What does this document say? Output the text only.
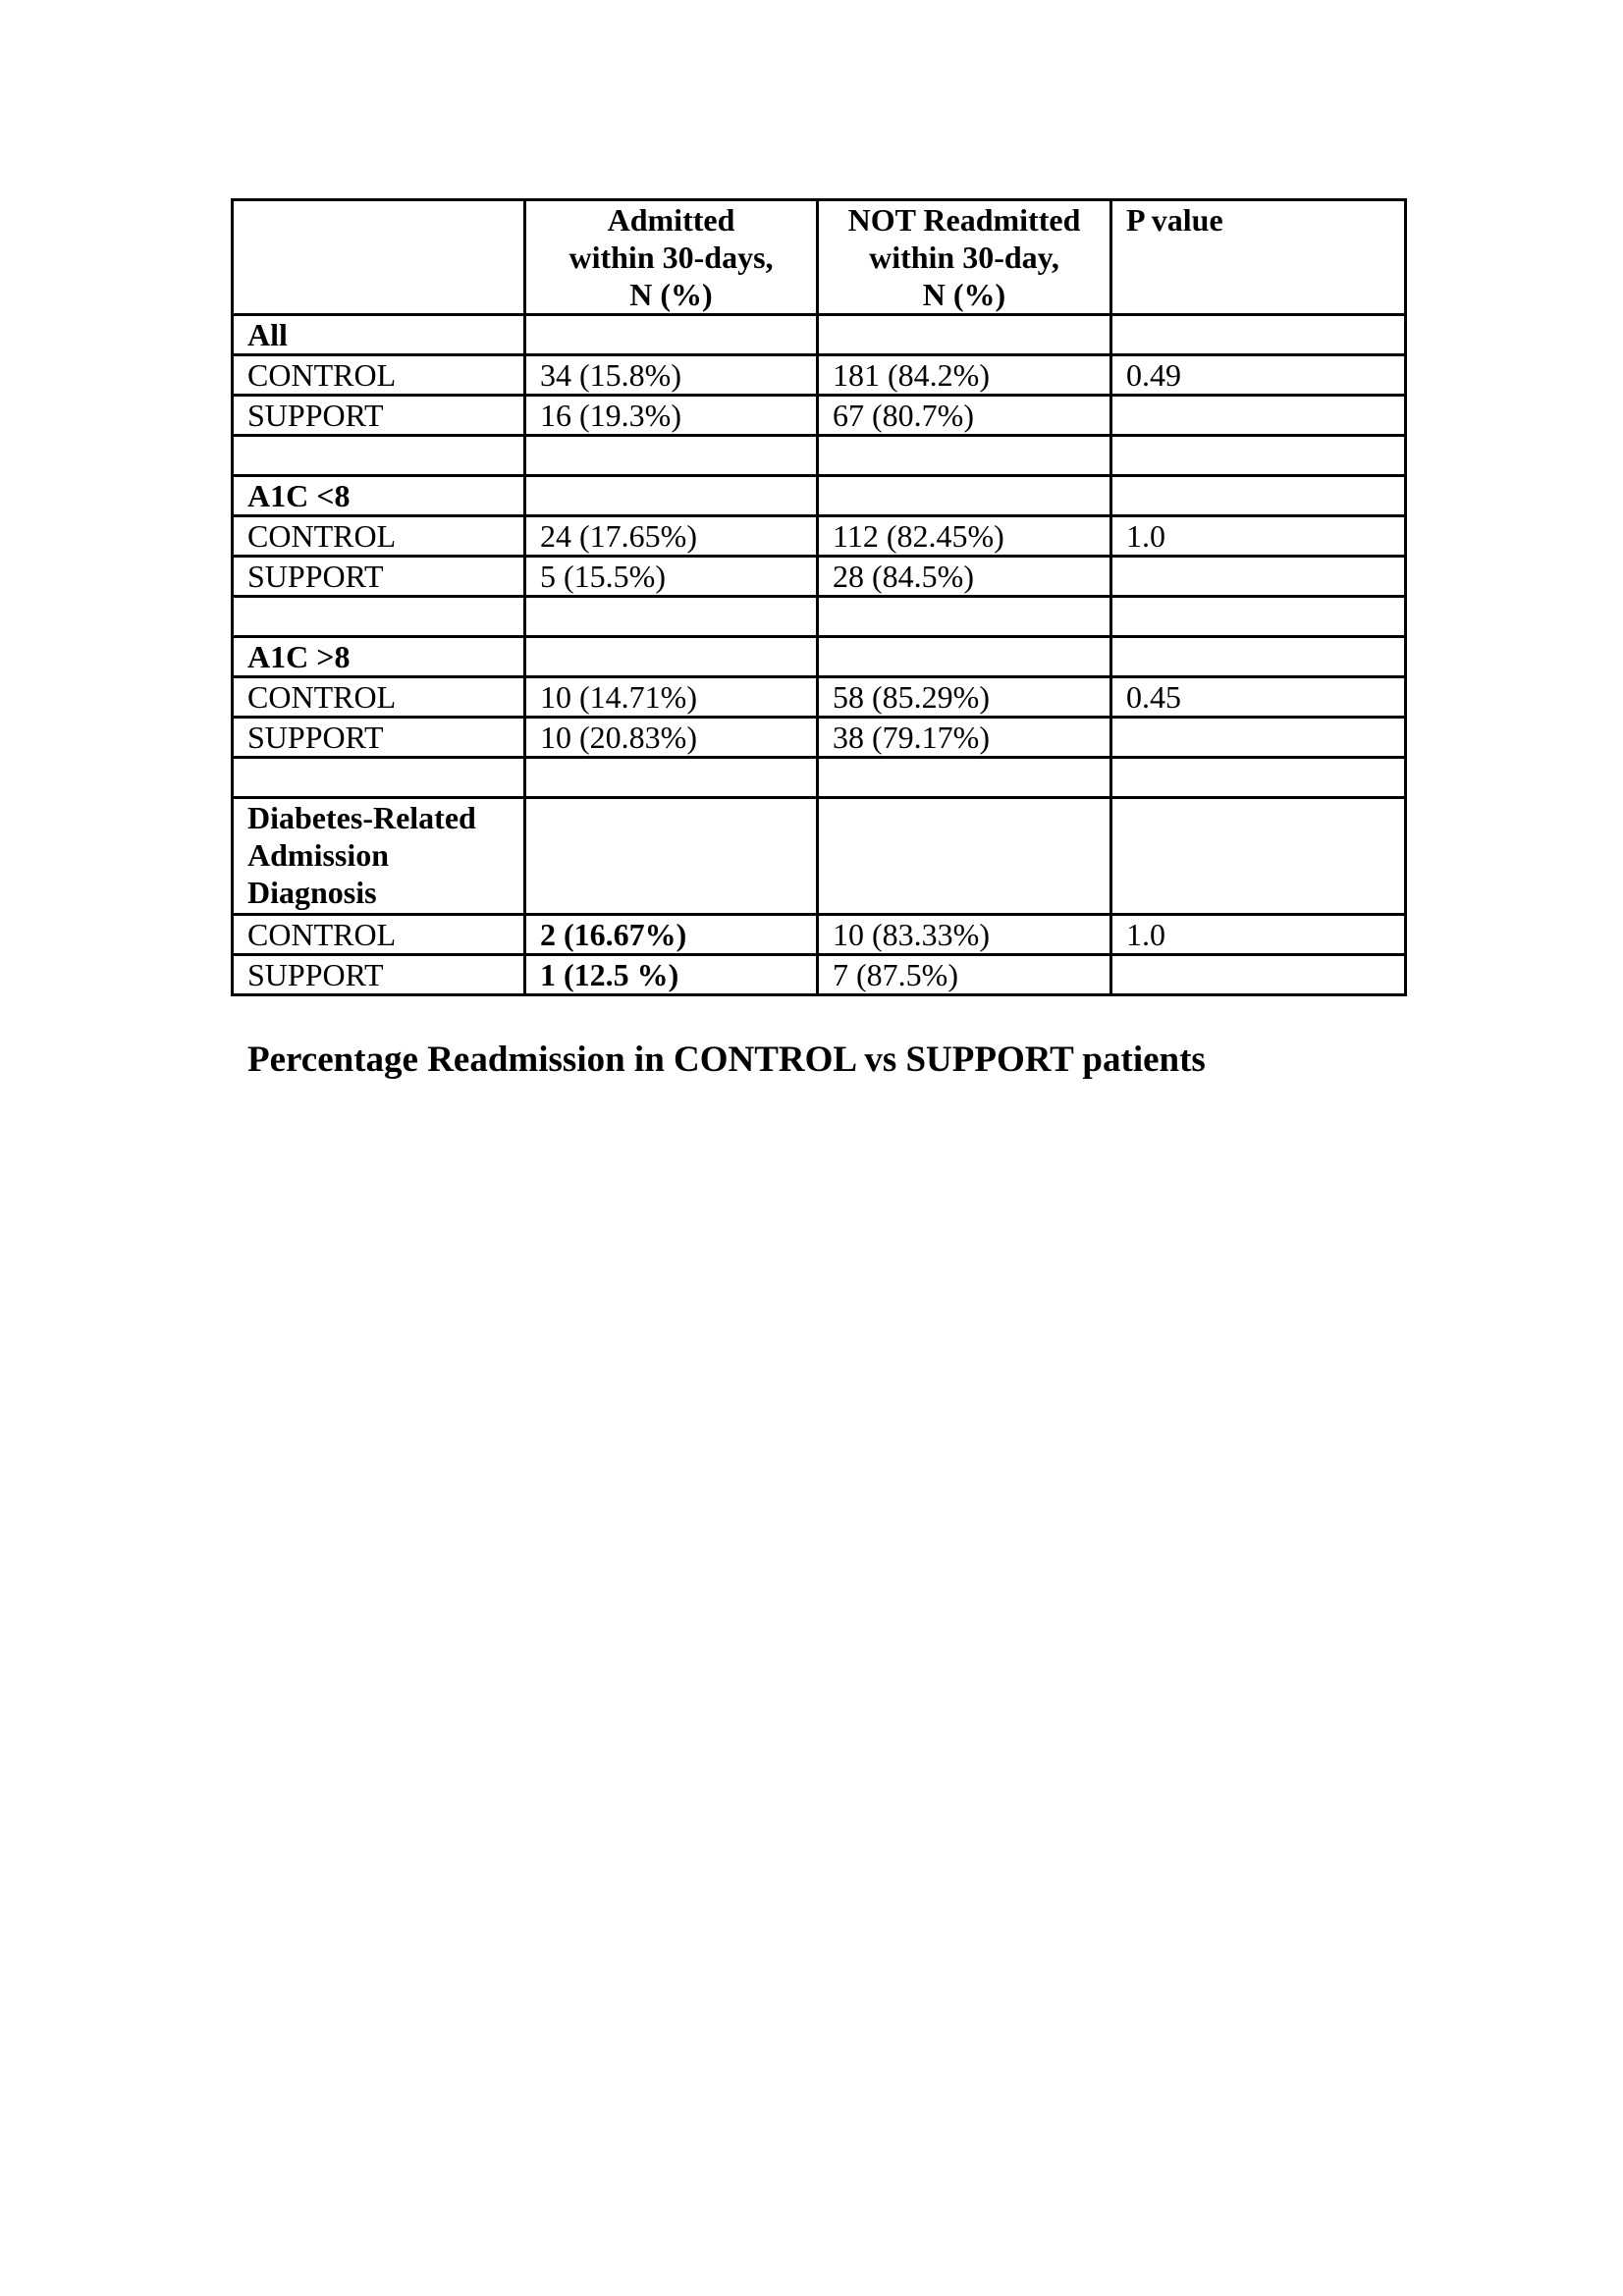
	Admitted
within 30-days,
N (%)	NOT Readmitted
within 30-day,
N (%)	P value

All			

CONTROL	34 (15.8%)	181 (84.2%)	0.49
SUPPORT	16 (19.3%)	67 (80.7%)	

A1C <8			

CONTROL	24 (17.65%)	112 (82.45%)	1.0
SUPPORT	5 (15.5%)	28 (84.5%)	

A1C >8			

CONTROL	10 (14.71%)	58 (85.29%)	0.45
SUPPORT	10 (20.83%)	38 (79.17%)	

Diabetes-Related
Admission
Diagnosis			

CONTROL	2 (16.67%)	10 (83.33%)	1.0
SUPPORT	1 (12.5 %)	7 (87.5%)	
Percentage Readmission in CONTROL vs SUPPORT patients
